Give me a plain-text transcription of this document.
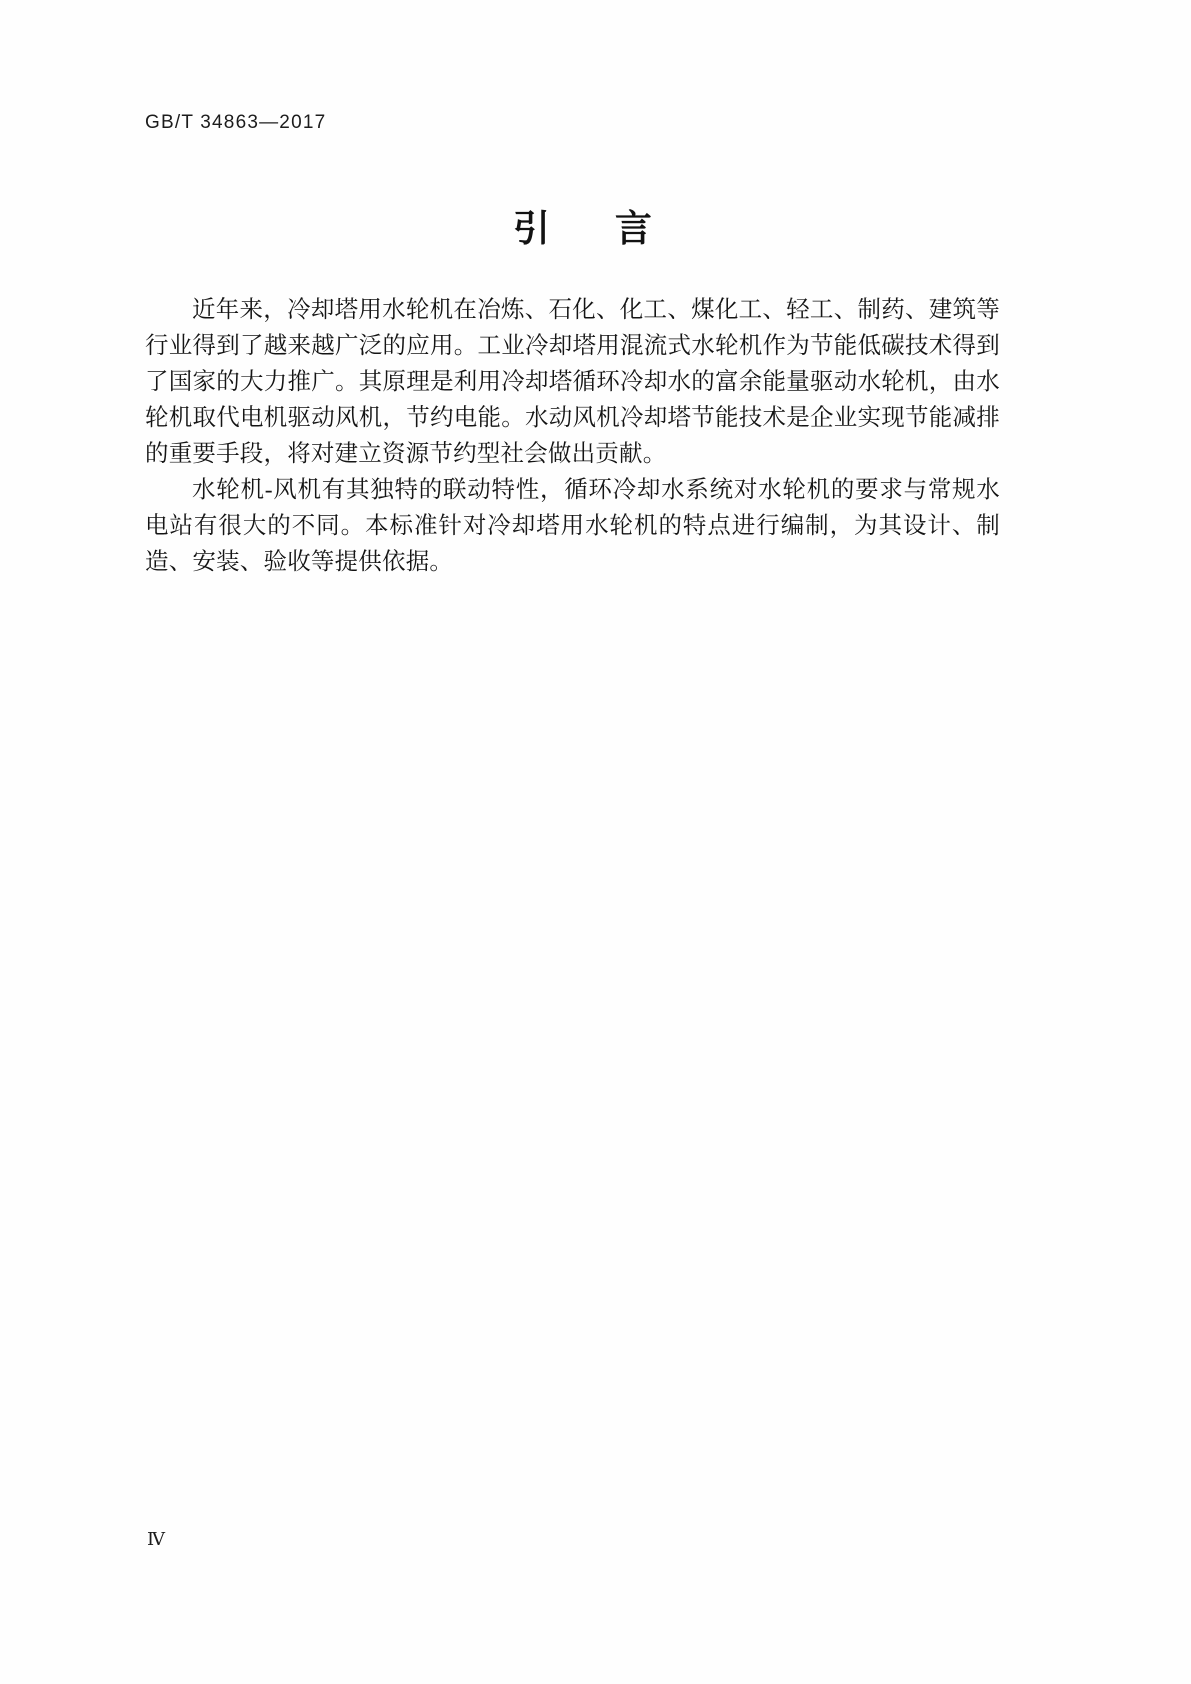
GB/T 34863—2017
引 言

近年来，冷却塔用水轮机在冶炼、石化、化工、煤化工、轻工、制药、建筑等行业得到了越来越广泛的应用。工业冷却塔用混流式水轮机作为节能低碳技术得到了国家的大力推广。其原理是利用冷却塔循环冷却水的富余能量驱动水轮机，由水轮机取代电机驱动风机，节约电能。水动风机冷却塔节能技术是企业实现节能减排的重要手段，将对建立资源节约型社会做出贡献。

水轮机-风机有其独特的联动特性，循环冷却水系统对水轮机的要求与常规水电站有很大的不同。本标准针对冷却塔用水轮机的特点进行编制，为其设计、制造、安装、验收等提供依据。

Ⅳ
